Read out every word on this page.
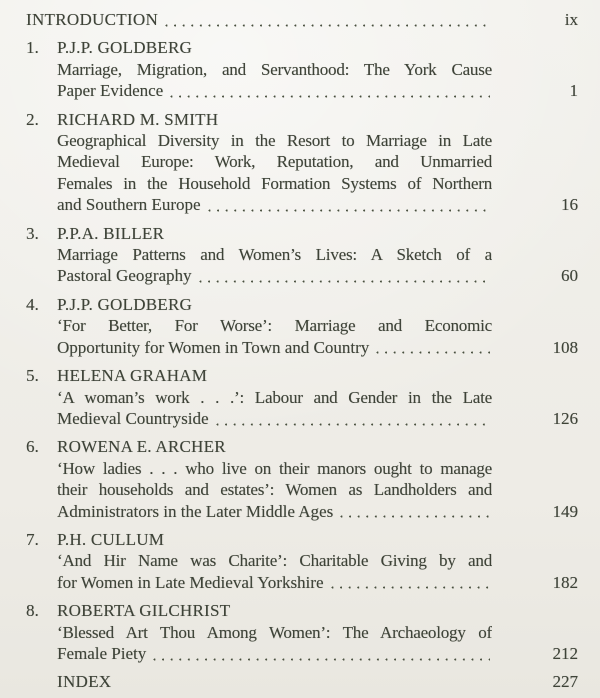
INTRODUCTION	ix
1.	P.J.P. GOLDBERG
Marriage, Migration, and Servanthood: The York Cause
Paper Evidence	1
2.	RICHARD M. SMITH
Geographical Diversity in the Resort to Marriage in Late
Medieval Europe: Work, Reputation, and Unmarried
Females in the Household Formation Systems of Northern
and Southern Europe	16
3.	P.P.A. BILLER
Marriage Patterns and Women’s Lives: A Sketch of a
Pastoral Geography	60
4.	P.J.P. GOLDBERG
‘For Better, For Worse’: Marriage and Economic
Opportunity for Women in Town and Country	108
5.	HELENA GRAHAM
‘A woman’s work . . .’: Labour and Gender in the Late
Medieval Countryside	126
6.	ROWENA E. ARCHER
‘How ladies . . . who live on their manors ought to manage
their households and estates’: Women as Landholders and
Administrators in the Later Middle Ages	149
7.	P.H. CULLUM
‘And Hir Name was Charite’: Charitable Giving by and
for Women in Late Medieval Yorkshire	182
8.	ROBERTA GILCHRIST
‘Blessed Art Thou Among Women’: The Archaeology of
Female Piety	212
INDEX	227
